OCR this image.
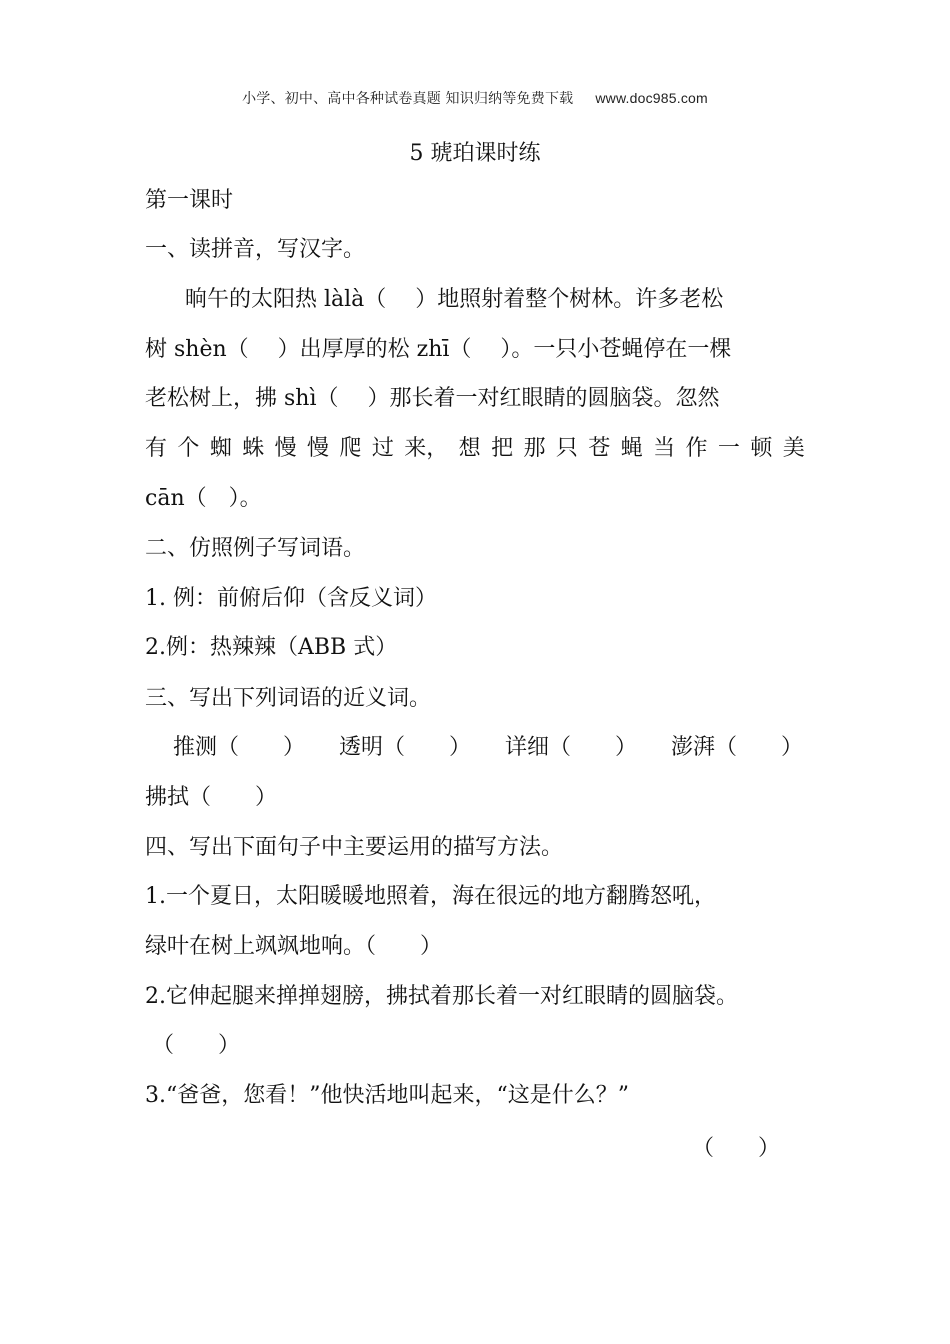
小学、初中、高中各种试卷真题 知识归纳等免费下载 www.doc985.com
5 琥珀课时练
第一课时
一、读拼音，写汉字。
晌午的太阳热 làlà（　 ）地照射着整个树林。许多老松
树 shèn（　 ）出厚厚的松 zhī（　 ）。一只小苍蝇停在一棵
老松树上，拂 shì（　 ）那长着一对红眼睛的圆脑袋。忽然
有 个 蜘 蛛 慢 慢 爬 过 来， 想 把 那 只 苍 蝇 当 作 一 顿 美
cān（　）。
二、仿照例子写词语。
1. 例：前俯后仰（含反义词）
2.例：热辣辣（ABB 式）
三、写出下列词语的近义词。
推测（　　） 透明（　　） 详细（　　） 澎湃（　　）
拂拭（　　）
四、写出下面句子中主要运用的描写方法。
1.一个夏日，太阳暖暖地照着，海在很远的地方翻腾怒吼，
绿叶在树上飒飒地响。（　　）
2.它伸起腿来掸掸翅膀，拂拭着那长着一对红眼睛的圆脑袋。
（　　）
3.“爸爸，您看！”他快活地叫起来，“这是什么？”
（　　）
